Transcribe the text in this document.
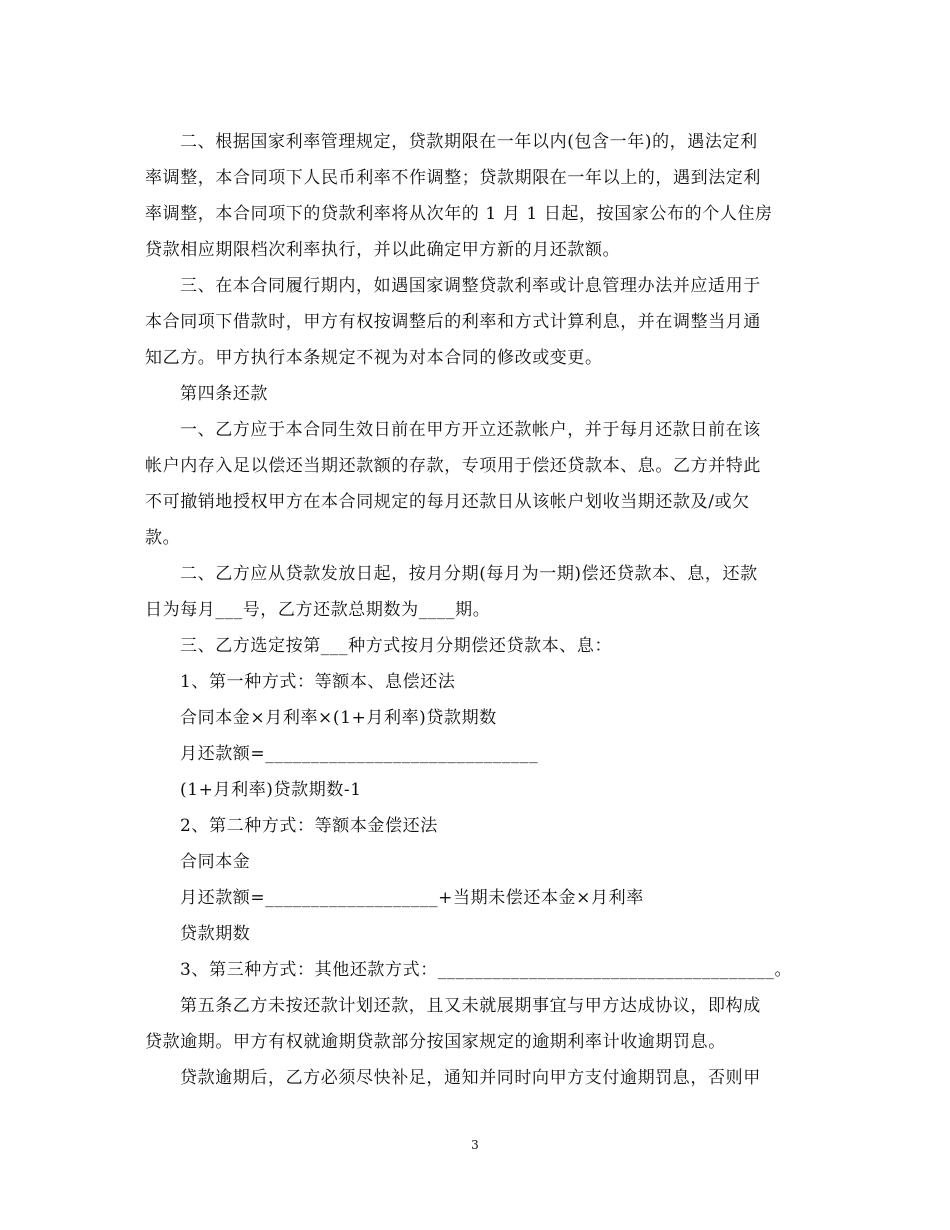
二、根据国家利率管理规定，贷款期限在一年以内(包含一年)的，遇法定利
率调整，本合同项下人民币利率不作调整；贷款期限在一年以上的，遇到法定利
率调整，本合同项下的贷款利率将从次年的 1 月 1 日起，按国家公布的个人住房
贷款相应期限档次利率执行，并以此确定甲方新的月还款额。
三、在本合同履行期内，如遇国家调整贷款利率或计息管理办法并应适用于
本合同项下借款时，甲方有权按调整后的利率和方式计算利息，并在调整当月通
知乙方。甲方执行本条规定不视为对本合同的修改或变更。
第四条还款
一、乙方应于本合同生效日前在甲方开立还款帐户，并于每月还款日前在该
帐户内存入足以偿还当期还款额的存款，专项用于偿还贷款本、息。乙方并特此
不可撤销地授权甲方在本合同规定的每月还款日从该帐户划收当期还款及/或欠
款。
二、乙方应从贷款发放日起，按月分期(每月为一期)偿还贷款本、息，还款
日为每月___号，乙方还款总期数为____期。
三、乙方选定按第___种方式按月分期偿还贷款本、息：
1、第一种方式：等额本、息偿还法
合同本金×月利率×(1+月利率)贷款期数
月还款额=______________________________
(1+月利率)贷款期数-1
2、第二种方式：等额本金偿还法
合同本金
月还款额=___________________+当期未偿还本金×月利率
贷款期数
3、第三种方式：其他还款方式：_____________________________________。
第五条乙方未按还款计划还款，且又未就展期事宜与甲方达成协议，即构成
贷款逾期。甲方有权就逾期贷款部分按国家规定的逾期利率计收逾期罚息。
贷款逾期后，乙方必须尽快补足，通知并同时向甲方支付逾期罚息，否则甲
3
